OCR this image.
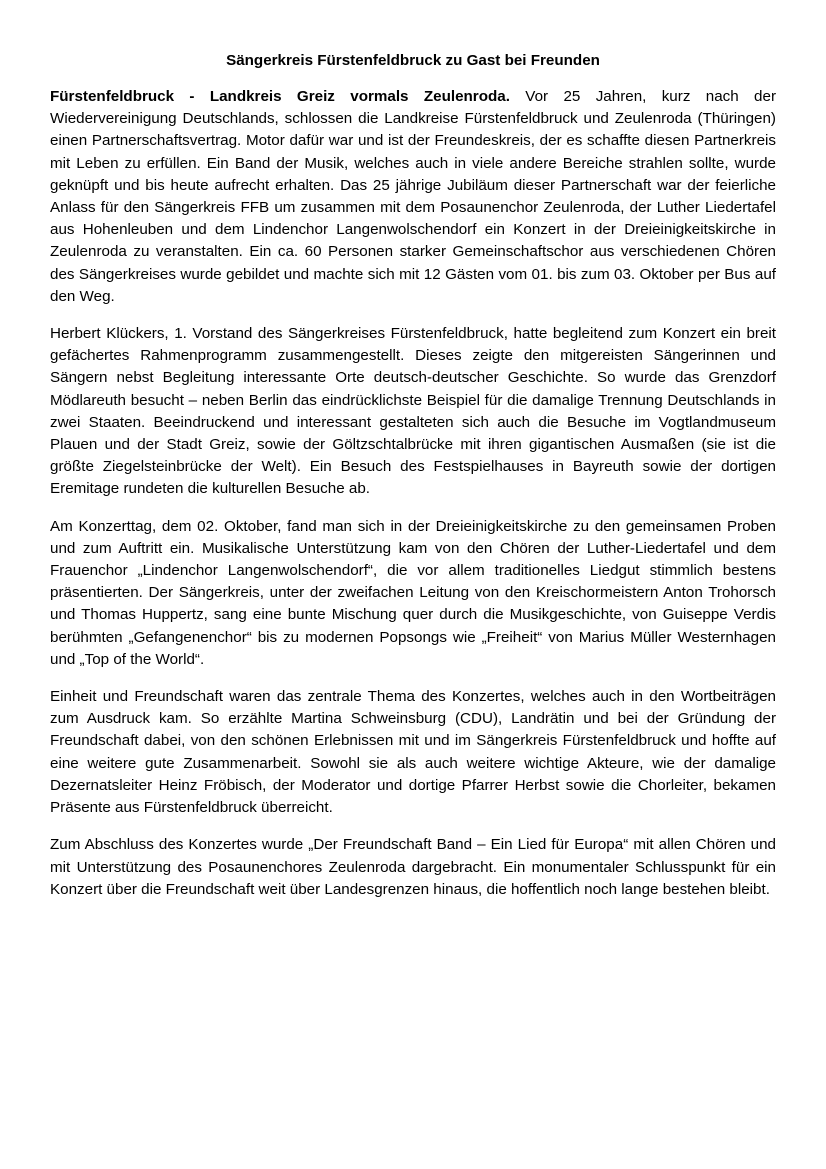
Sängerkreis Fürstenfeldbruck zu Gast bei Freunden

Fürstenfeldbruck - Landkreis Greiz vormals Zeulenroda. Vor 25 Jahren, kurz nach der Wiedervereinigung Deutschlands, schlossen die Landkreise Fürstenfeldbruck und Zeulenroda (Thüringen) einen Partnerschaftsvertrag. Motor dafür war und ist der Freundeskreis, der es schaffte diesen Partnerkreis mit Leben zu erfüllen. Ein Band der Musik, welches auch in viele andere Bereiche strahlen sollte, wurde geknüpft und bis heute aufrecht erhalten. Das 25 jährige Jubiläum dieser Partnerschaft war der feierliche Anlass für den Sängerkreis FFB um zusammen mit dem Posaunenchor Zeulenroda, der Luther Liedertafel aus Hohenleuben und dem Lindenchor Langenwolschendorf ein Konzert in der Dreieinigkeitskirche in Zeulenroda zu veranstalten. Ein ca. 60 Personen starker Gemeinschaftschor aus verschiedenen Chören des Sängerkreises wurde gebildet und machte sich mit 12 Gästen vom 01. bis zum 03. Oktober per Bus auf den Weg.

Herbert Klückers, 1. Vorstand des Sängerkreises Fürstenfeldbruck, hatte begleitend zum Konzert ein breit gefächertes Rahmenprogramm zusammengestellt. Dieses zeigte den mitgereisten Sängerinnen und Sängern nebst Begleitung interessante Orte deutsch-deutscher Geschichte. So wurde das Grenzdorf Mödlareuth besucht – neben Berlin das eindrücklichste Beispiel für die damalige Trennung Deutschlands in zwei Staaten. Beeindruckend und interessant gestalteten sich auch die Besuche im Vogtlandmuseum Plauen und der Stadt Greiz, sowie der Göltzschtalbrücke mit ihren gigantischen Ausmaßen (sie ist die größte Ziegelsteinbrücke der Welt). Ein Besuch des Festspielhauses in Bayreuth sowie der dortigen Eremitage rundeten die kulturellen Besuche ab.

Am Konzerttag, dem 02. Oktober, fand man sich in der Dreieinigkeitskirche zu den gemeinsamen Proben und zum Auftritt ein. Musikalische Unterstützung kam von den Chören der Luther-Liedertafel und dem Frauenchor „Lindenchor Langenwolschendorf“, die vor allem traditionelles Liedgut stimmlich bestens präsentierten. Der Sängerkreis, unter der zweifachen Leitung von den Kreischormeistern Anton Trohorsch und Thomas Huppertz, sang eine bunte Mischung quer durch die Musikgeschichte, von Guiseppe Verdis berühmten „Gefangenenchor“ bis zu modernen Popsongs wie „Freiheit“ von Marius Müller Westernhagen und „Top of the World“.

Einheit und Freundschaft waren das zentrale Thema des Konzertes, welches auch in den Wortbeiträgen zum Ausdruck kam. So erzählte Martina Schweinsburg (CDU), Landrätin und bei der Gründung der Freundschaft dabei, von den schönen Erlebnissen mit und im Sängerkreis Fürstenfeldbruck und hoffte auf eine weitere gute Zusammenarbeit. Sowohl sie als auch weitere wichtige Akteure, wie der damalige Dezernatsleiter Heinz Fröbisch, der Moderator und dortige Pfarrer Herbst sowie die Chorleiter, bekamen Präsente aus Fürstenfeldbruck überreicht.

Zum Abschluss des Konzertes wurde „Der Freundschaft Band – Ein Lied für Europa“ mit allen Chören und mit Unterstützung des Posaunenchores Zeulenroda dargebracht. Ein monumentaler Schlusspunkt für ein Konzert über die Freundschaft weit über Landesgrenzen hinaus, die hoffentlich noch lange bestehen bleibt.
